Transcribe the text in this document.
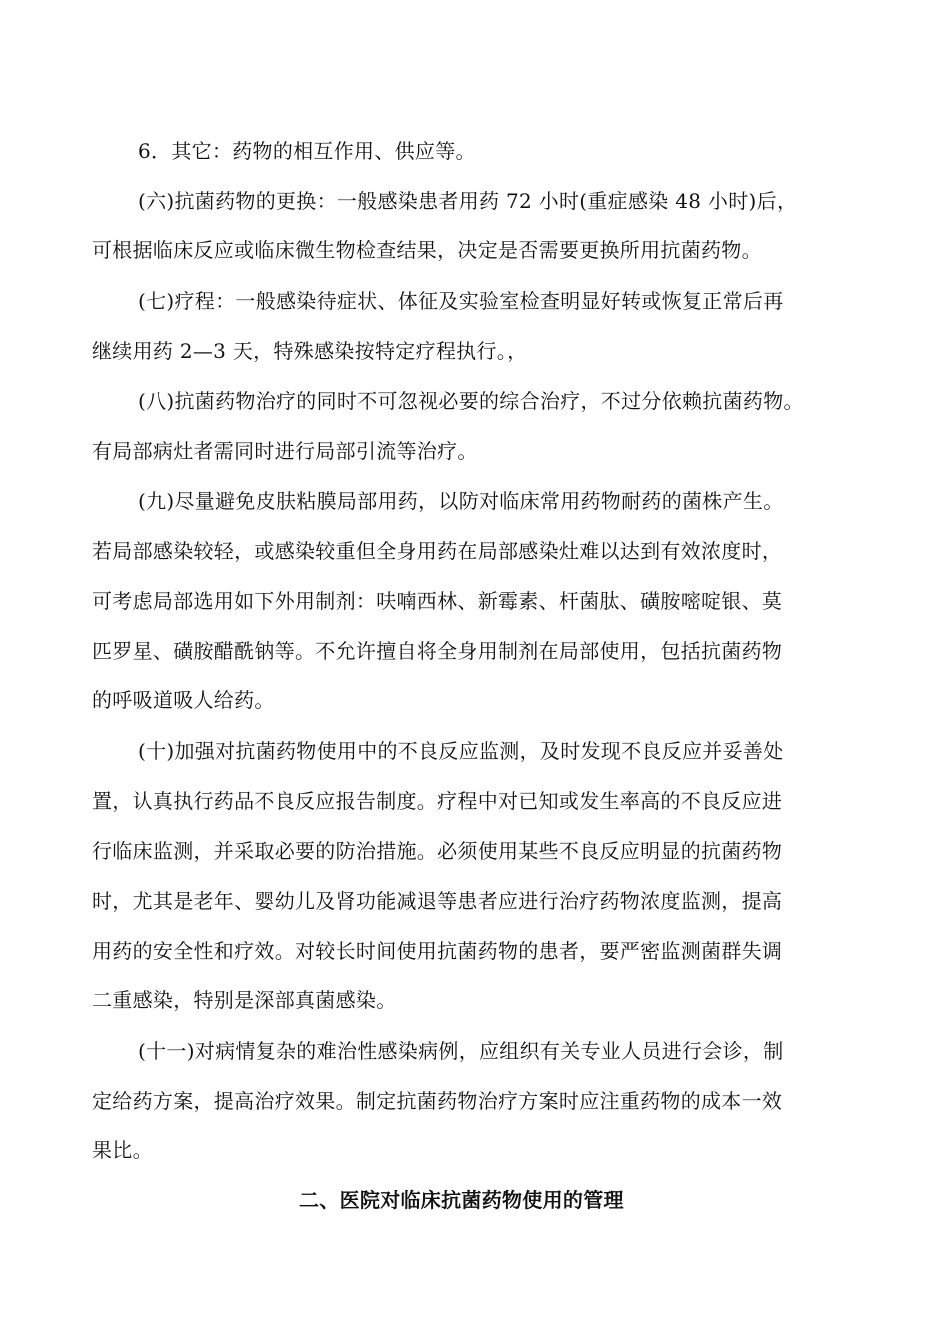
6．其它：药物的相互作用、供应等。
(六)抗菌药物的更换：一般感染患者用药 72 小时(重症感染 48 小时)后，
可根据临床反应或临床微生物检查结果，决定是否需要更换所用抗菌药物。
(七)疗程：一般感染待症状、体征及实验室检查明显好转或恢复正常后再
继续用药 2—3 天，特殊感染按特定疗程执行。，
(八)抗菌药物治疗的同时不可忽视必要的综合治疗，不过分依赖抗菌药物。
有局部病灶者需同时进行局部引流等治疗。
(九)尽量避免皮肤粘膜局部用药，以防对临床常用药物耐药的菌株产生。
若局部感染较轻，或感染较重但全身用药在局部感染灶难以达到有效浓度时，
可考虑局部选用如下外用制剂：呋喃西林、新霉素、杆菌肽、磺胺嘧啶银、莫
匹罗星、磺胺醋酰钠等。不允许擅自将全身用制剂在局部使用，包括抗菌药物
的呼吸道吸人给药。
(十)加强对抗菌药物使用中的不良反应监测，及时发现不良反应并妥善处
置，认真执行药品不良反应报告制度。疗程中对已知或发生率高的不良反应进
行临床监测，并采取必要的防治措施。必须使用某些不良反应明显的抗菌药物
时，尤其是老年、婴幼儿及肾功能减退等患者应进行治疗药物浓度监测，提高
用药的安全性和疗效。对较长时间使用抗菌药物的患者，要严密监测菌群失调
二重感染，特别是深部真菌感染。
(十一)对病情复杂的难治性感染病例，应组织有关专业人员进行会诊，制
定给药方案，提高治疗效果。制定抗菌药物治疗方案时应注重药物的成本一效
果比。
二、医院对临床抗菌药物使用的管理
